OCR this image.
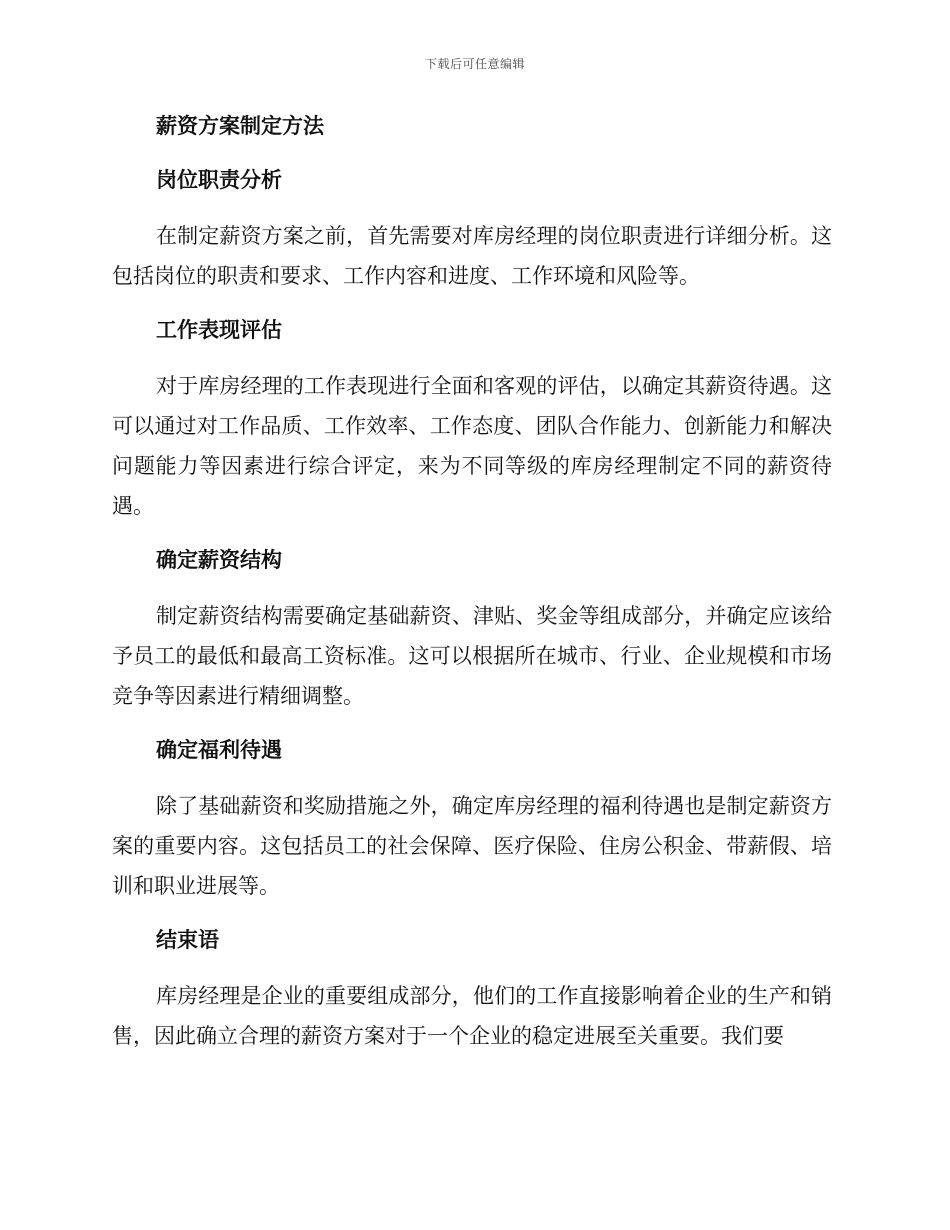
下载后可任意编辑
薪资方案制定方法
岗位职责分析

在制定薪资方案之前，首先需要对库房经理的岗位职责进行详细分析。这包括岗位的职责和要求、工作内容和进度、工作环境和风险等。

工作表现评估

对于库房经理的工作表现进行全面和客观的评估，以确定其薪资待遇。这可以通过对工作品质、工作效率、工作态度、团队合作能力、创新能力和解决问题能力等因素进行综合评定，来为不同等级的库房经理制定不同的薪资待遇。

确定薪资结构

制定薪资结构需要确定基础薪资、津贴、奖金等组成部分，并确定应该给予员工的最低和最高工资标准。这可以根据所在城市、行业、企业规模和市场竞争等因素进行精细调整。

确定福利待遇

除了基础薪资和奖励措施之外，确定库房经理的福利待遇也是制定薪资方案的重要内容。这包括员工的社会保障、医疗保险、住房公积金、带薪假、培训和职业进展等。

结束语

库房经理是企业的重要组成部分，他们的工作直接影响着企业的生产和销售，因此确立合理的薪资方案对于一个企业的稳定进展至关重要。我们要
